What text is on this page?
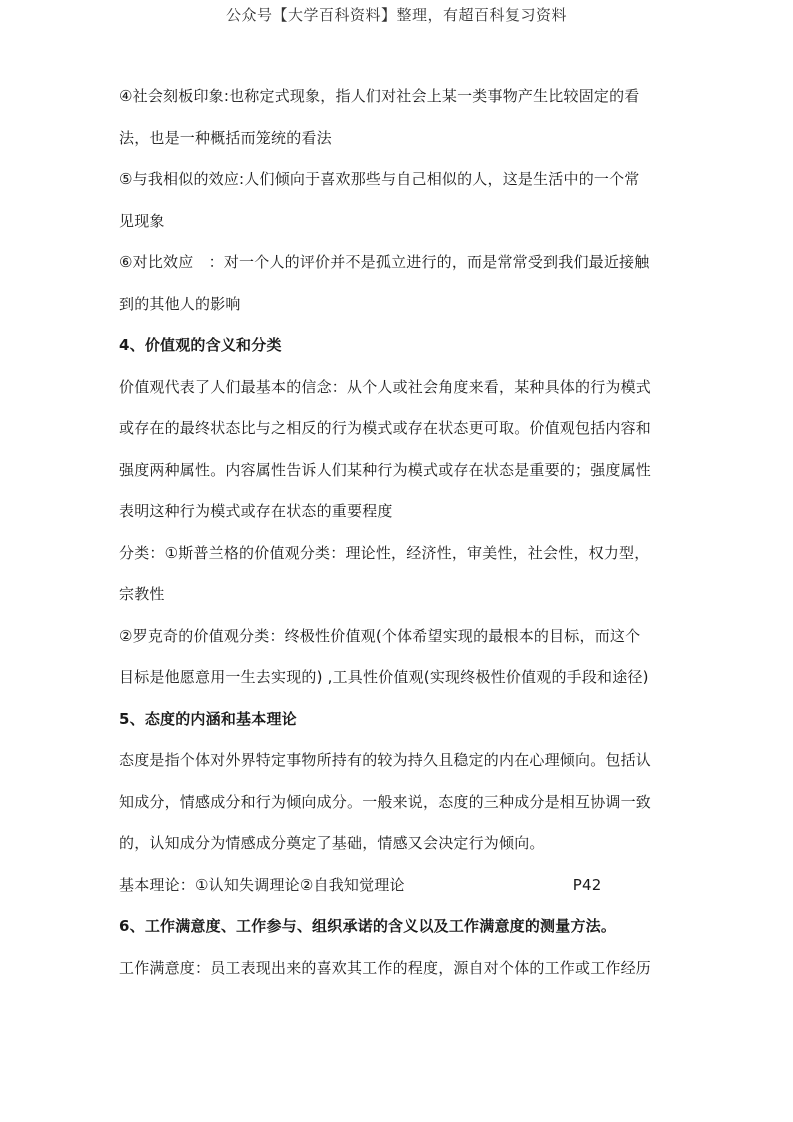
公众号【大学百科资料】整理，有超百科复习资料
④社会刻板印象:也称定式现象，指人们对社会上某一类事物产生比较固定的看
法，也是一种概括而笼统的看法
⑤与我相似的效应:人们倾向于喜欢那些与自己相似的人，这是生活中的一个常
见现象
⑥对比效应　：对一个人的评价并不是孤立进行的，而是常常受到我们最近接触
到的其他人的影响
4、价值观的含义和分类
价值观代表了人们最基本的信念：从个人或社会角度来看，某种具体的行为模式
或存在的最终状态比与之相反的行为模式或存在状态更可取。价值观包括内容和
强度两种属性。内容属性告诉人们某种行为模式或存在状态是重要的；强度属性
表明这种行为模式或存在状态的重要程度
分类：①斯普兰格的价值观分类：理论性，经济性，审美性，社会性，权力型，
宗教性
②罗克奇的价值观分类：终极性价值观(个体希望实现的最根本的目标，而这个
目标是他愿意用一生去实现的) ,工具性价值观(实现终极性价值观的手段和途径)
5、态度的内涵和基本理论
态度是指个体对外界特定事物所持有的较为持久且稳定的内在心理倾向。包括认
知成分，情感成分和行为倾向成分。一般来说，态度的三种成分是相互协调一致
的，认知成分为情感成分奠定了基础，情感又会决定行为倾向。
基本理论：①认知失调理论②自我知觉理论	P42
6、工作满意度、工作参与、组织承诺的含义以及工作满意度的测量方法。
工作满意度：员工表现出来的喜欢其工作的程度，源自对个体的工作或工作经历
